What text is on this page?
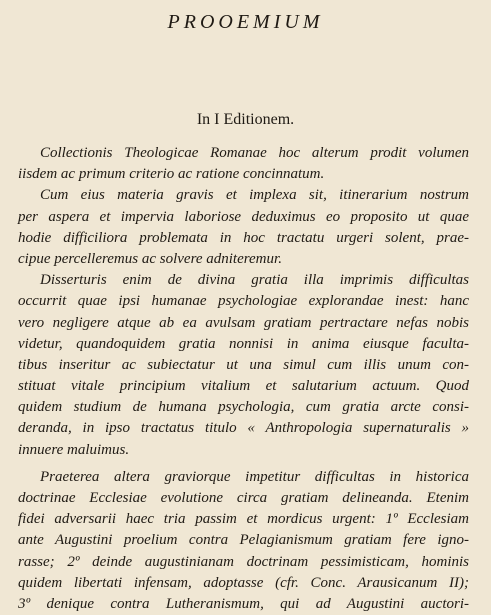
PROOEMIUM
In I Editionem.
Collectionis Theologicae Romanae hoc alterum prodit volumen
iisdem ac primum criterio ac ratione concinnatum.
Cum eius materia gravis et implexa sit, itinerarium nostrum
per aspera et impervia laboriose deduximus eo proposito ut quae
hodie difficiliora problemata in hoc tractatu urgeri solent, prae-
cipue percelleremus ac solvere adniteremur.
Disserturis enim de divina gratia illa imprimis difficultas
occurrit quae ipsi humanae psychologiae explorandae inest: hanc
vero negligere atque ab ea avulsam gratiam pertractare nefas nobis
videtur, quandoquidem gratia nonnisi in anima eiusque faculta-
tibus inseritur ac subiectatur ut una simul cum illis unum con-
stituat vitale principium vitalium et salutarium actuum. Quod
quidem studium de humana psychologia, cum gratia arcte consi-
deranda, in ipso tractatus titulo « Anthropologia supernaturalis »
innuere maluimus.
Praeterea altera graviorque impetitur difficultas in historica
doctrinae Ecclesiae evolutione circa gratiam delineanda. Etenim
fidei adversarii haec tria passim et mordicus urgent: 1º Ecclesiam
ante Augustini proelium contra Pelagianismum gratiam fere igno-
rasse; 2º deinde augustinianam doctrinam pessimisticam, hominis
quidem libertati infensam, adoptasse (cfr. Conc. Arausicanum II);
3º denique contra Lutheranismum, qui ad Augustini auctori-
